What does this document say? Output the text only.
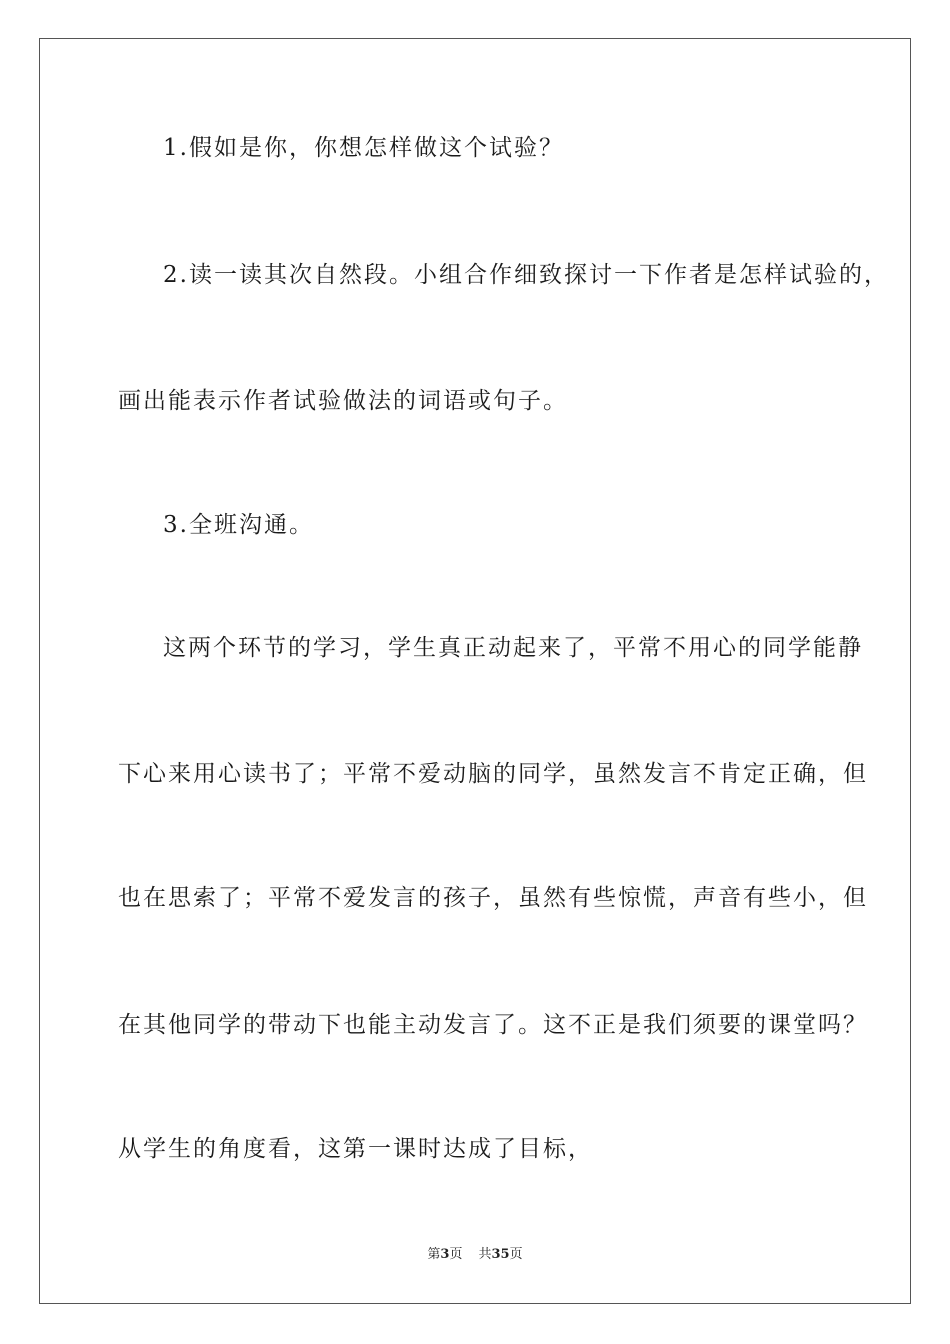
1.假如是你，你想怎样做这个试验？
2.读一读其次自然段。小组合作细致探讨一下作者是怎样试验的，
画出能表示作者试验做法的词语或句子。
3.全班沟通。
这两个环节的学习，学生真正动起来了，平常不用心的同学能静
下心来用心读书了；平常不爱动脑的同学，虽然发言不肯定正确，但
也在思索了；平常不爱发言的孩子，虽然有些惊慌，声音有些小，但
在其他同学的带动下也能主动发言了。这不正是我们须要的课堂吗？
从学生的角度看，这第一课时达成了目标，
第3页 共35页
